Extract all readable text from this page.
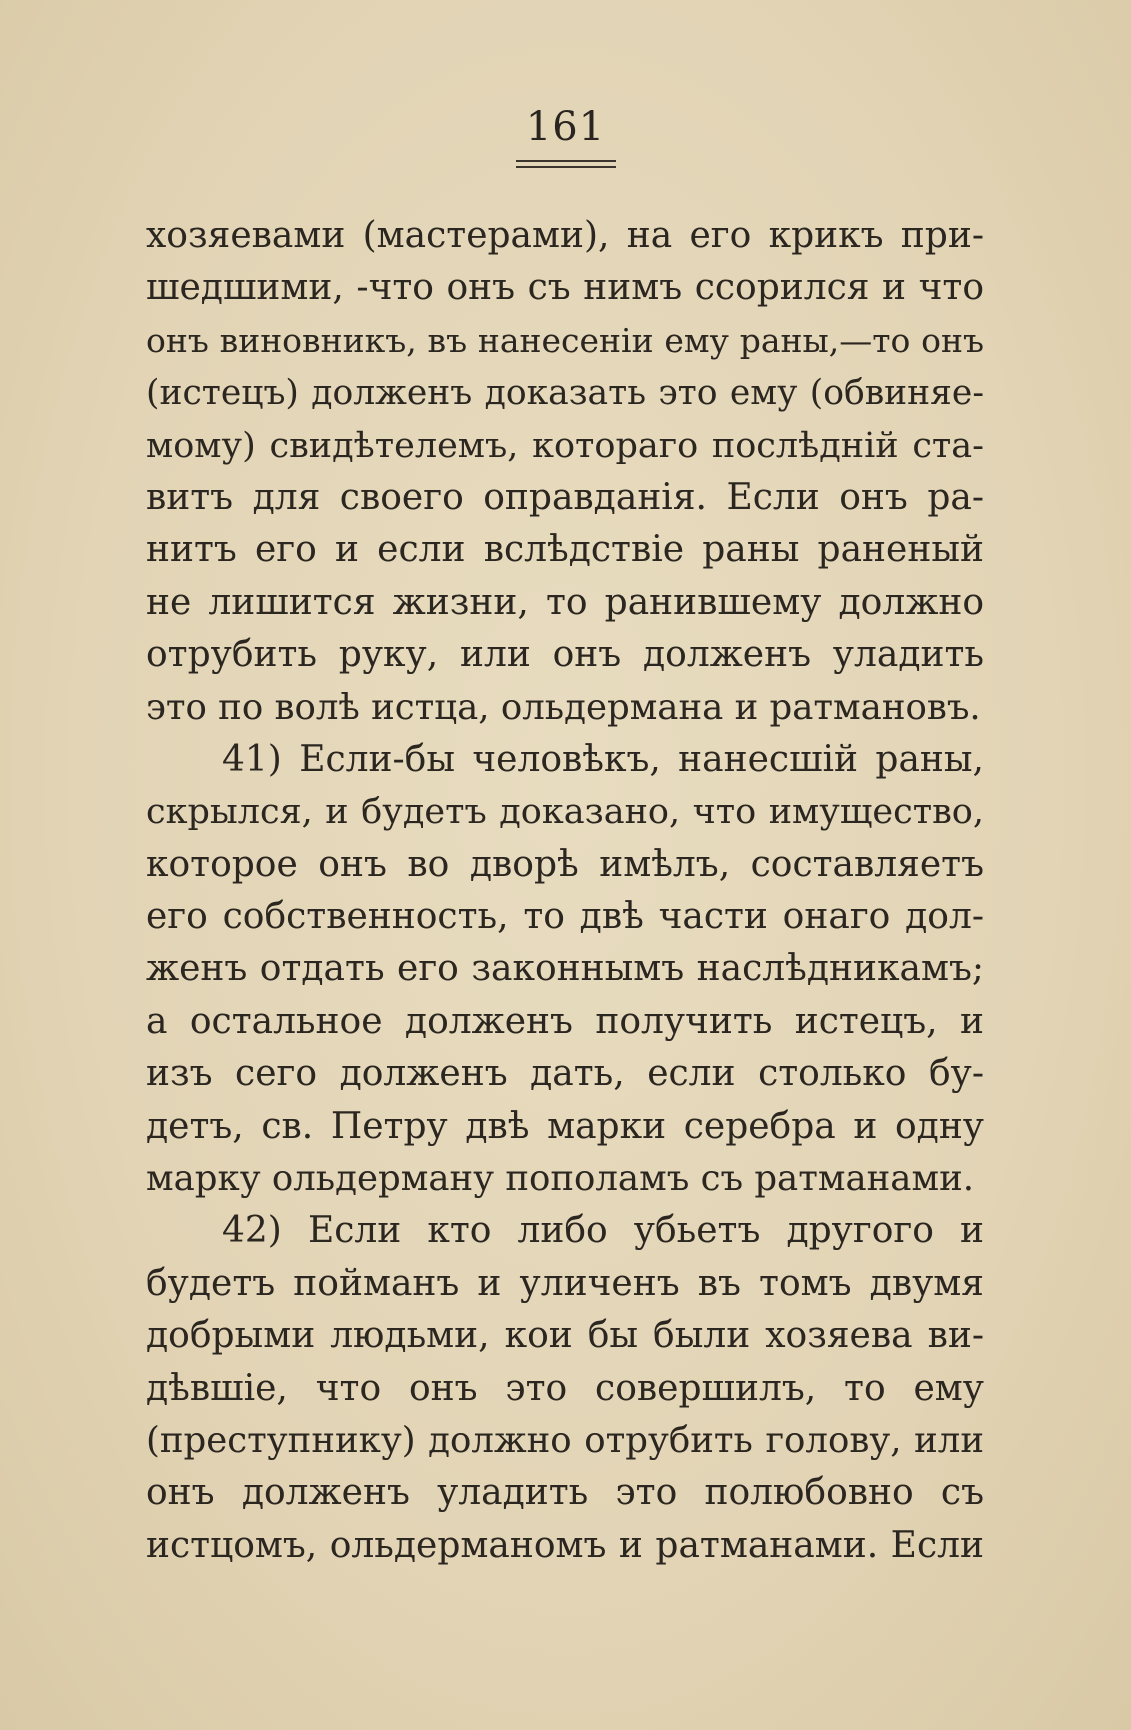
161
хозяевами (мастерами), на его крикъ при-
шедшими, -что онъ съ нимъ ссорился и что
онъ виновникъ, въ нанесеніи ему раны,—то онъ
(истецъ) долженъ доказать это ему (обвиняе-
мому) свидѣтелемъ, котораго послѣдній ста-
витъ для своего оправданія. Если онъ ра-
нитъ его и если вслѣдствіе раны раненый
не лишится жизни, то ранившему должно
отрубить руку, или онъ долженъ уладить
это по волѣ истца, ольдермана и ратмановъ.
41) Если-бы человѣкъ, нанесшій раны,
скрылся, и будетъ доказано, что имущество,
которое онъ во дворѣ имѣлъ, составляетъ
его собственность, то двѣ части онаго дол-
женъ отдать его законнымъ наслѣдникамъ;
а остальное долженъ получить истецъ, и
изъ сего долженъ дать, если столько бу-
детъ, св. Петру двѣ марки серебра и одну
марку ольдерману пополамъ съ ратманами.
42) Если кто либо убьетъ другого и
будетъ пойманъ и уличенъ въ томъ двумя
добрыми людьми, кои бы были хозяева ви-
дѣвшіе, что онъ это совершилъ, то ему
(преступнику) должно отрубить голову, или
онъ долженъ уладить это полюбовно съ
истцомъ, ольдерманомъ и ратманами. Если
